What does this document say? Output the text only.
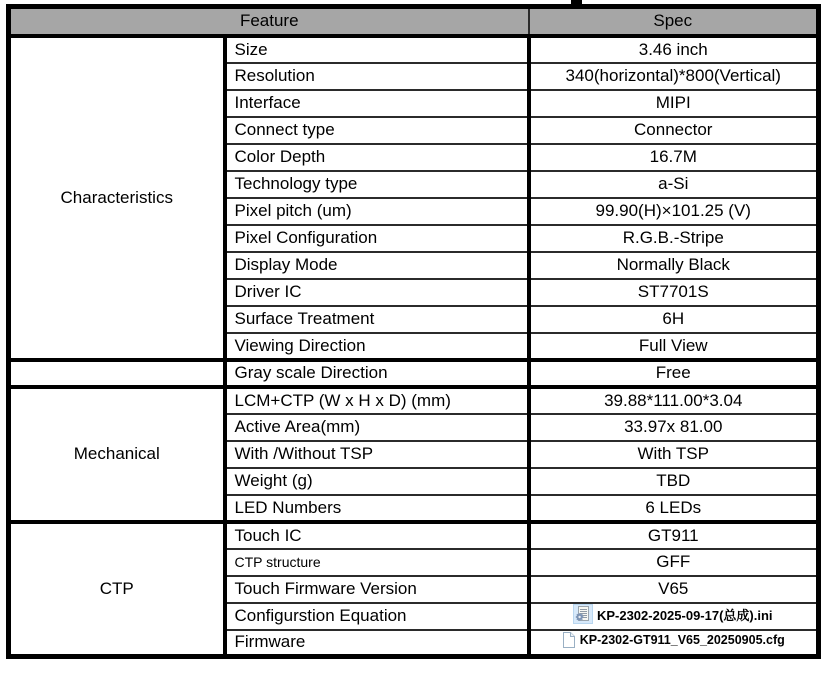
Feature		Spec
Characteristics	Size	3.46 inch
	Resolution	340(horizontal)*800(Vertical)
	Interface	MIPI
	Connect type	Connector
	Color Depth	16.7M
	Technology type	a-Si
	Pixel pitch (um)	99.90(H)×101.25 (V)
	Pixel Configuration	R.G.B.-Stripe
	Display Mode	Normally Black
	Driver IC	ST7701S
	Surface Treatment	6H
	Viewing Direction	Full View
	Gray scale Direction	Free
Mechanical	LCM+CTP (W x H x D) (mm)	39.88*111.00*3.04
	Active Area(mm)	33.97x 81.00
	With /Without TSP	With TSP
	Weight (g)	TBD
	LED Numbers	6 LEDs
CTP	Touch IC	GT911
	CTP structure	GFF
	Touch Firmware Version	V65
	Configurstion Equation	KP-2302-2025-09-17(总成).ini

	Firmware	KP-2302-GT911_V65_20250905.cfg
